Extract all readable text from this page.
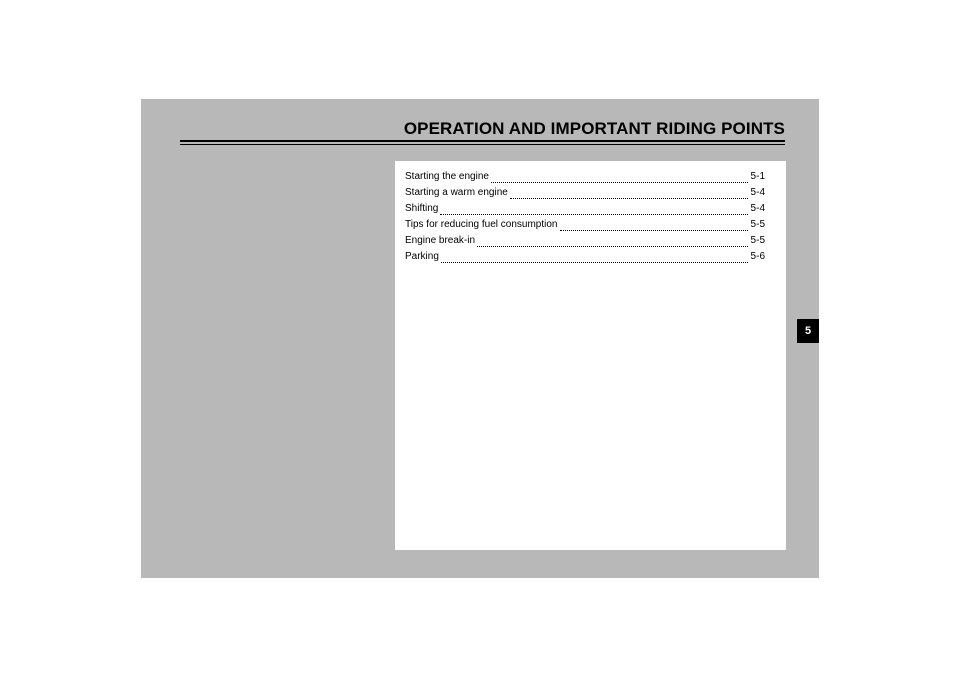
OPERATION AND IMPORTANT RIDING POINTS
Starting the engine	5-1
Starting a warm engine	5-4
Shifting	5-4
Tips for reducing fuel consumption	5-5
Engine break-in	5-5
Parking	5-6
5
